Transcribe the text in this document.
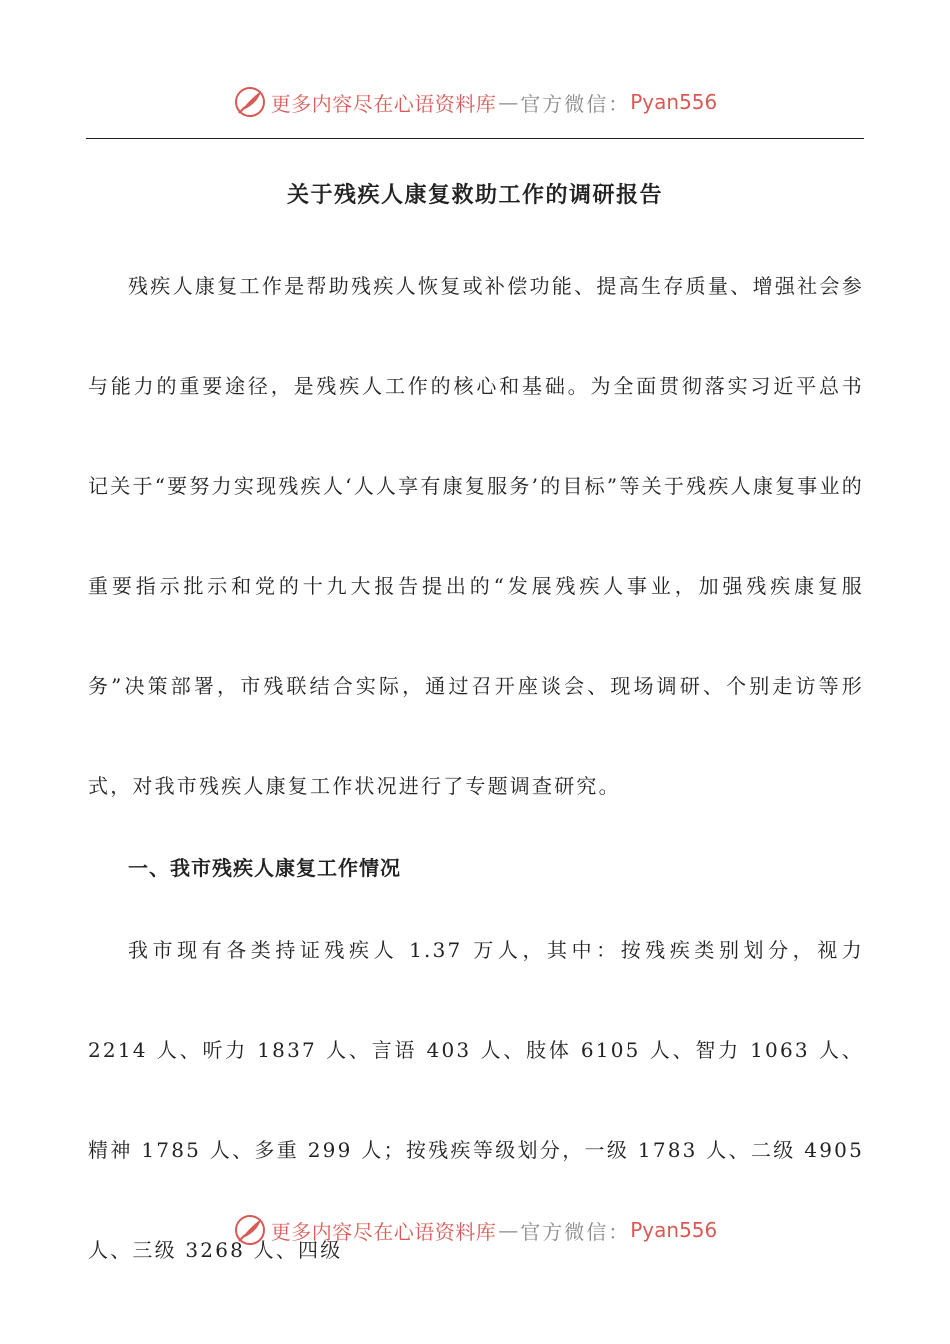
更多内容尽在心语资料库 — 官方微信： Pyan556
关于残疾人康复救助工作的调研报告

残疾人康复工作是帮助残疾人恢复或补偿功能、提高生存质量、增强社会参与能力的重要途径，是残疾人工作的核心和基础。为全面贯彻落实习近平总书记关于“要努力实现残疾人‘人人享有康复服务’的目标”等关于残疾人康复事业的重要指示批示和党的十九大报告提出的“发展残疾人事业，加强残疾康复服务”决策部署，市残联结合实际，通过召开座谈会、现场调研、个别走访等形式，对我市残疾人康复工作状况进行了专题调查研究。

一、我市残疾人康复工作情况

我市现有各类持证残疾人 1.37 万人，其中：按残疾类别划分，视力 2214 人、听力 1837 人、言语 403 人、肢体 6105 人、智力 1063 人、精神 1785 人、多重 299 人；按残疾等级划分，一级 1783 人、二级 4905 人、三级 3268 人、四级

更多内容尽在心语资料库 — 官方微信： Pyan556
